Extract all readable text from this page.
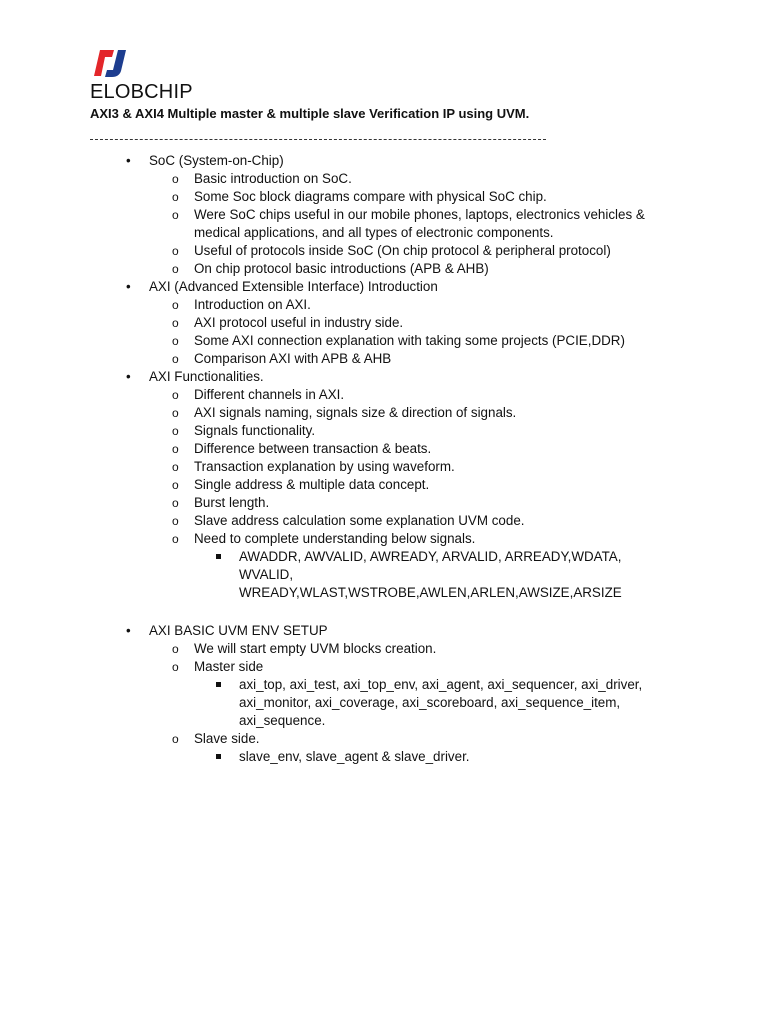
ELOBCHIP
AXI3 & AXI4 Multiple master & multiple slave Verification IP using UVM.
• SoC (System-on-Chip)
o Basic introduction on SoC.
o Some Soc block diagrams compare with physical SoC chip.
o Were SoC chips useful in our mobile phones, laptops, electronics vehicles & medical applications, and all types of electronic components.
o Useful of protocols inside SoC (On chip protocol & peripheral protocol)
o On chip protocol basic introductions (APB & AHB)
• AXI (Advanced Extensible Interface) Introduction
o Introduction on AXI.
o AXI protocol useful in industry side.
o Some AXI connection explanation with taking some projects (PCIE,DDR)
o Comparison AXI with APB & AHB
• AXI Functionalities.
o Different channels in AXI.
o AXI signals naming, signals size & direction of signals.
o Signals functionality.
o Difference between transaction & beats.
o Transaction explanation by using waveform.
o Single address & multiple data concept.
o Burst length.
o Slave address calculation some explanation UVM code.
o Need to complete understanding below signals.
AWADDR, AWVALID, AWREADY, ARVALID, ARREADY,WDATA, WVALID, WREADY,WLAST,WSTROBE,AWLEN,ARLEN,AWSIZE,ARSIZE
• AXI BASIC UVM ENV SETUP
o We will start empty UVM blocks creation.
o Master side
axi_top, axi_test, axi_top_env, axi_agent, axi_sequencer, axi_driver, axi_monitor, axi_coverage, axi_scoreboard, axi_sequence_item, axi_sequence.
o Slave side.
slave_env, slave_agent & slave_driver.
